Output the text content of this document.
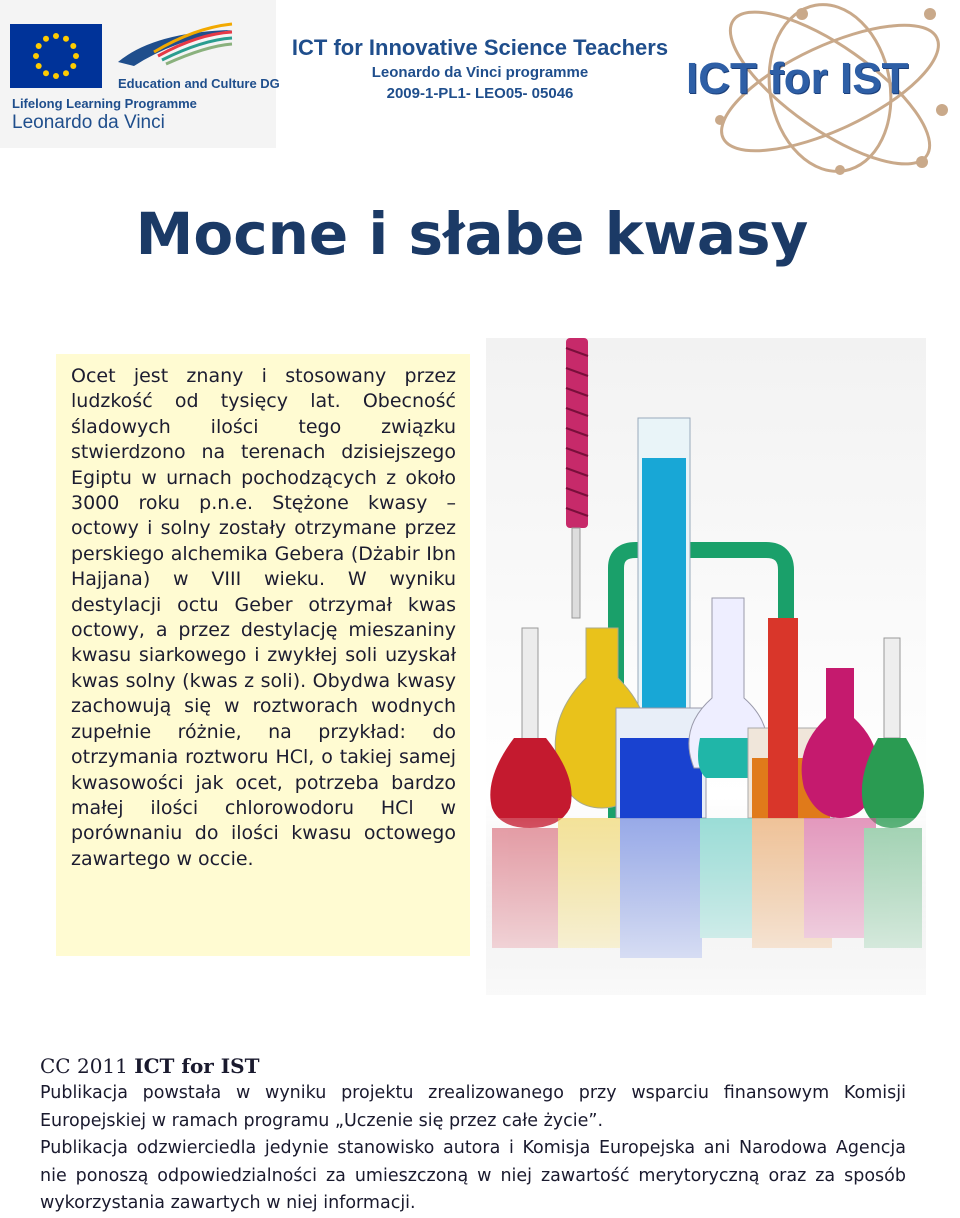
Education and Culture DG
Lifelong Learning Programme
Leonardo da Vinci
ICT for Innovative Science Teachers
Leonardo da Vinci programme
2009-1-PL1- LEO05- 05046	ICT for IST
Mocne i słabe kwasy

Ocet jest znany i stosowany przez ludzkość od tysięcy lat. Obecność śladowych ilości tego związku stwierdzono na terenach dzisiejszego Egiptu w urnach pochodzących z około 3000 roku p.n.e. Stężone kwasy – octowy i solny zostały otrzymane przez perskiego alchemika Gebera (Dżabir Ibn Hajjana) w VIII wieku. W wyniku destylacji octu Geber otrzymał kwas octowy, a przez destylację mieszaniny kwasu siarkowego i zwykłej soli uzyskał kwas solny (kwas z soli). Obydwa kwasy zachowują się w roztworach wodnych zupełnie różnie, na przykład: do otrzymania roztworu HCl, o takiej samej kwasowości jak ocet, potrzeba bardzo małej ilości chlorowodoru HCl w porównaniu do ilości kwasu octowego zawartego w occie.

CC 2011 ICT for IST

Publikacja powstała w wyniku projektu zrealizowanego przy wsparciu finansowym Komisji Europejskiej w ramach programu „Uczenie się przez całe życie”.

Publikacja odzwierciedla jedynie stanowisko autora i Komisja Europejska ani Narodowa Agencja nie ponoszą odpowiedzialności za umieszczoną w niej zawartość merytoryczną oraz za sposób wykorzystania zawartych w niej informacji.
